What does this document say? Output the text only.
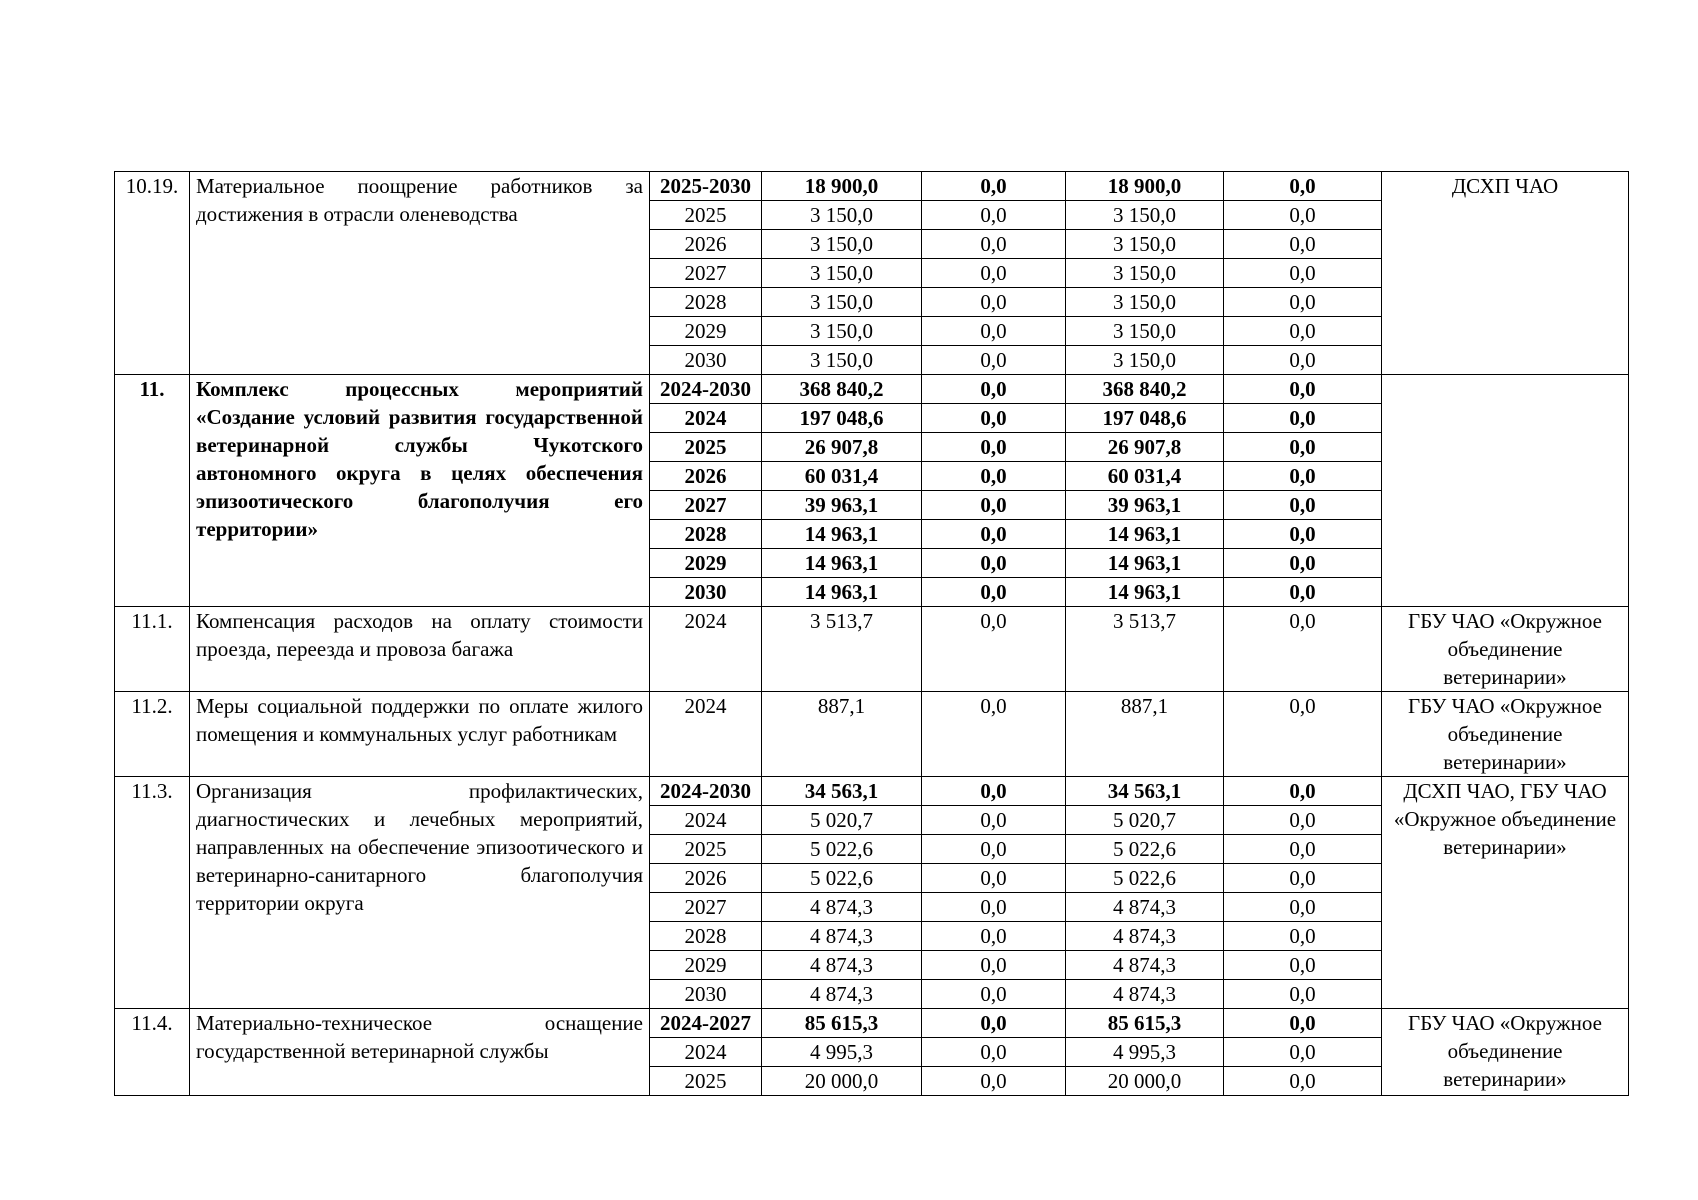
10.19.	Материальное поощрение работников за достижения в отрасли оленеводства	2025-2030	18 900,0	0,0	18 900,0	0,0	ДСХП ЧАО
		2025	3 150,0	0,0	3 150,0	0,0	
		2026	3 150,0	0,0	3 150,0	0,0	
		2027	3 150,0	0,0	3 150,0	0,0	
		2028	3 150,0	0,0	3 150,0	0,0	
		2029	3 150,0	0,0	3 150,0	0,0	
		2030	3 150,0	0,0	3 150,0	0,0	
11.	Комплекс процессных мероприятий «Создание условий развития государственной ветеринарной службы Чукотского автономного округа в целях обеспечения эпизоотического благополучия его территории»	2024-2030	368 840,2	0,0	368 840,2	0,0	
		2024	197 048,6	0,0	197 048,6	0,0	
		2025	26 907,8	0,0	26 907,8	0,0	
		2026	60 031,4	0,0	60 031,4	0,0	
		2027	39 963,1	0,0	39 963,1	0,0	
		2028	14 963,1	0,0	14 963,1	0,0	
		2029	14 963,1	0,0	14 963,1	0,0	
		2030	14 963,1	0,0	14 963,1	0,0	
11.1.	Компенсация расходов на оплату стоимости проезда, переезда и провоза багажа	2024	3 513,7	0,0	3 513,7	0,0	ГБУ ЧАО «Окружное объединение ветеринарии»
11.2.	Меры социальной поддержки по оплате жилого помещения и коммунальных услуг работникам	2024	887,1	0,0	887,1	0,0	ГБУ ЧАО «Окружное объединение ветеринарии»
11.3.	Организация профилактических, диагностических и лечебных мероприятий, направленных на обеспечение эпизоотического и ветеринарно-санитарного благополучия территории округа	2024-2030	34 563,1	0,0	34 563,1	0,0	ДСХП ЧАО, ГБУ ЧАО «Окружное объединение ветеринарии»
		2024	5 020,7	0,0	5 020,7	0,0	
		2025	5 022,6	0,0	5 022,6	0,0	
		2026	5 022,6	0,0	5 022,6	0,0	
		2027	4 874,3	0,0	4 874,3	0,0	
		2028	4 874,3	0,0	4 874,3	0,0	
		2029	4 874,3	0,0	4 874,3	0,0	
		2030	4 874,3	0,0	4 874,3	0,0	
11.4.	Материально-техническое оснащение государственной ветеринарной службы	2024-2027	85 615,3	0,0	85 615,3	0,0	ГБУ ЧАО «Окружное объединение ветеринарии»
		2024	4 995,3	0,0	4 995,3	0,0	
		2025	20 000,0	0,0	20 000,0	0,0	
